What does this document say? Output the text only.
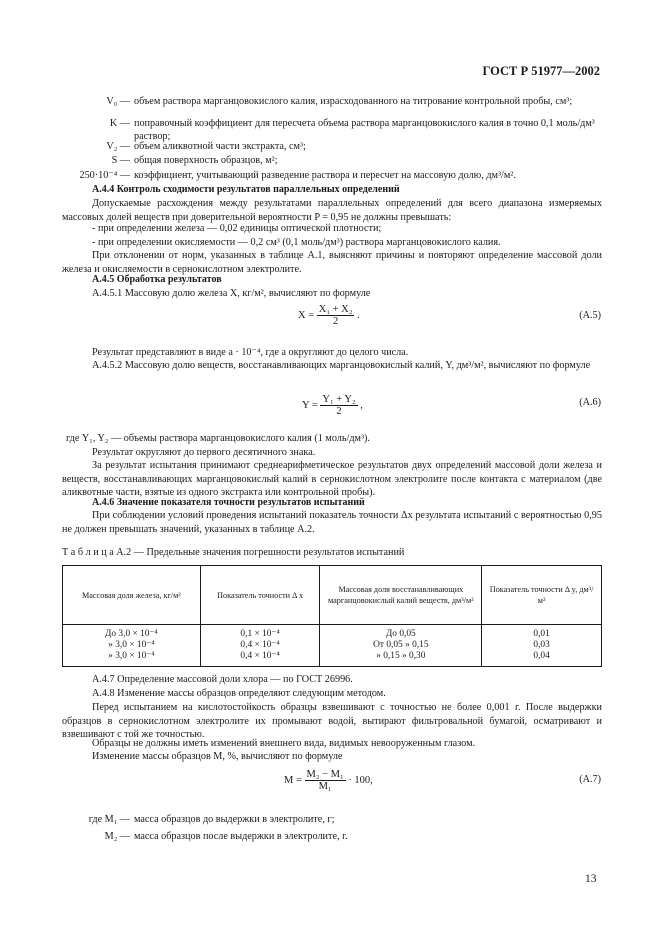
ГОСТ Р 51977—2002
V₀ — объем раствора марганцовокислого калия, израсходованного на титрование контрольной пробы, см³;
K — поправочный коэффициент для пересчета объема раствора марганцовокислого калия в точно 0,1 моль/дм³ раствор;
V₂ — объем аликвотной части экстракта, см³;
S — общая поверхность образцов, м²;
250·10⁻⁴ — коэффициент, учитывающий разведение раствора и пересчет на массовую долю, дм³/м².
А.4.4 Контроль сходимости результатов параллельных определений
Допускаемые расхождения между результатами параллельных определений для всего диапазона измеряемых массовых долей веществ при доверительной вероятности P = 0,95 не должны превышать:
- при определении железа — 0,02 единицы оптической плотности;
- при определении окисляемости — 0,2 см³ (0,1 моль/дм³) раствора марганцовокислого калия.
При отклонении от норм, указанных в таблице А.1, выясняют причины и повторяют определение массовой доли железа и окисляемости в сернокислотном электролите.
А.4.5 Обработка результатов
А.4.5.1 Массовую долю железа X, кг/м², вычисляют по формуле
$X = \frac{\text{X₁ + X₂}}{2}$ .	(А.5)
Результат представляют в виде a · 10⁻⁴, где a округляют до целого числа.
А.4.5.2 Массовую долю веществ, восстанавливающих марганцовокислый калий, Y, дм³/м², вычисляют по формуле
$Y = \frac{\text{Y₁ + Y₂}}{2}$ ,	(А.6)
где Y₁, Y₂ — объемы раствора марганцовокислого калия (1 моль/дм³).
Результат округляют до первого десятичного знака.
За результат испытания принимают среднеарифметическое результатов двух определений массовой доли железа и веществ, восстанавливающих марганцовокислый калий в сернокислотном электролите после контакта с материалом (две аликвотные части, взятые из одного экстракта или контрольной пробы).
А.4.6 Значение показателя точности результатов испытаний
При соблюдении условий проведения испытаний показатель точности Δx результата испытаний с вероятностью 0,95 не должен превышать значений, указанных в таблице А.2.
Т а б л и ц а А.2 — Предельные значения погрешности результатов испытаний
Массовая доля железа, кг/м²	Показатель точности Δ x	Массовая доля восстанавливающих марганцовокислый калий веществ, дм³/м²	Показатель точности Δ y, дм³/м²
До 3,0 × 10⁻⁴	0,1 × 10⁻⁴	До 0,05	0,01
» 3,0 × 10⁻⁴	0,4 × 10⁻⁴	От 0,05 » 0,15	0,03
» 3,0 × 10⁻⁴	0,4 × 10⁻⁴	» 0,15 » 0,30	0,04
А.4.7 Определение массовой доли хлора — по ГОСТ 26996.
А.4.8 Изменение массы образцов определяют следующим методом.
Перед испытанием на кислотостойкость образцы взвешивают с точностью не более 0,001 г. После выдержки образцов в сернокислотном электролите их промывают водой, вытирают фильтровальной бумагой, осматривают и взвешивают с той же точностью.
Образцы не должны иметь изменений внешнего вида, видимых невооруженным глазом.
Изменение массы образцов M, %, вычисляют по формуле
$M = \frac{\text{M₂ − M₁}}{\text{M₁}} \cdot 100$,	(А.7)
где M₁ — масса образцов до выдержки в электролите, г;
M₂ — масса образцов после выдержки в электролите, г.
13
